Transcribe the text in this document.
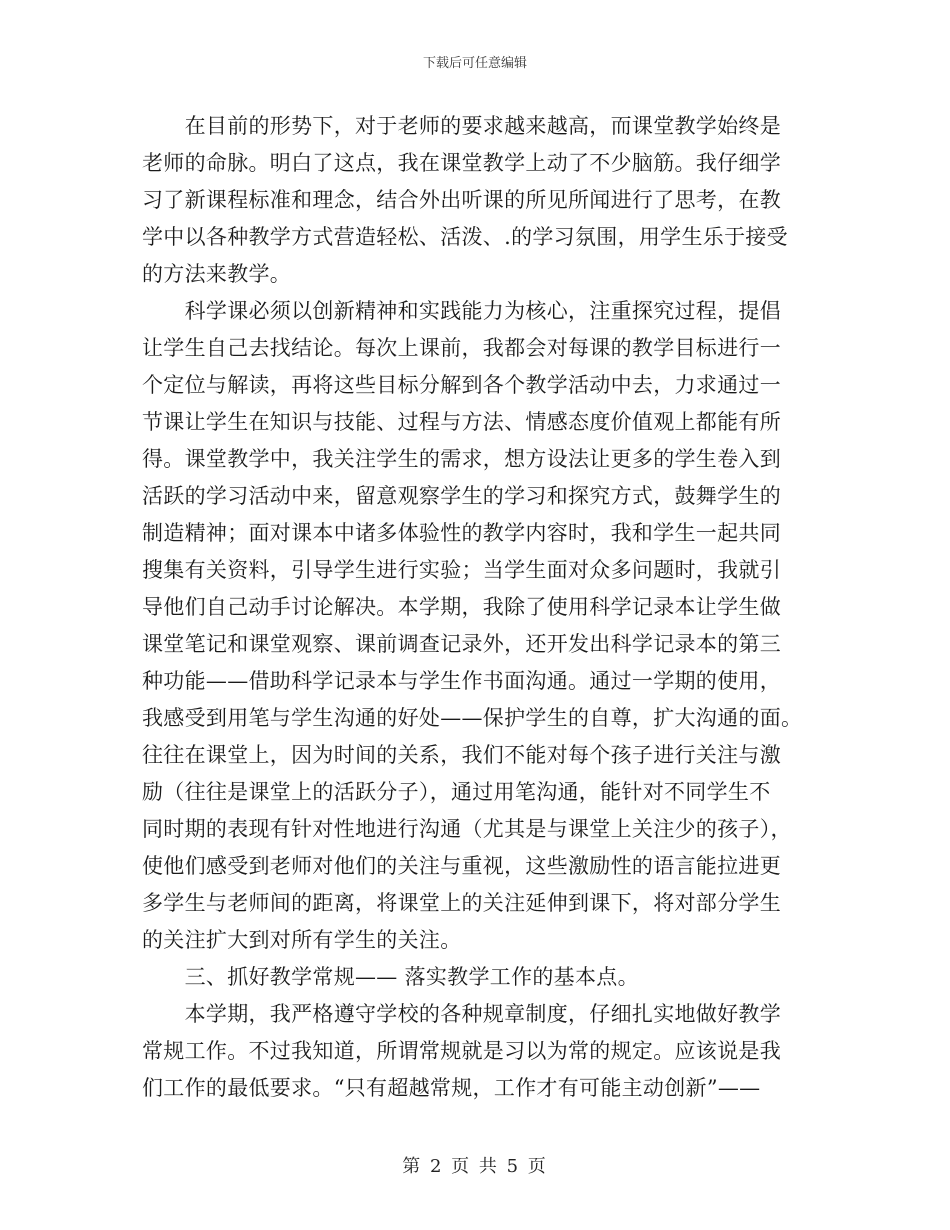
下载后可任意编辑
　　在目前的形势下，对于老师的要求越来越高，而课堂教学始终是
老师的命脉。明白了这点，我在课堂教学上动了不少脑筋。我仔细学
习了新课程标准和理念，结合外出听课的所见所闻进行了思考，在教
学中以各种教学方式营造轻松、活泼、.的学习氛围，用学生乐于接受
的方法来教学。
　　科学课必须以创新精神和实践能力为核心，注重探究过程，提倡
让学生自己去找结论。每次上课前，我都会对每课的教学目标进行一
个定位与解读，再将这些目标分解到各个教学活动中去，力求通过一
节课让学生在知识与技能、过程与方法、情感态度价值观上都能有所
得。课堂教学中，我关注学生的需求，想方设法让更多的学生卷入到
活跃的学习活动中来，留意观察学生的学习和探究方式，鼓舞学生的
制造精神；面对课本中诸多体验性的教学内容时，我和学生一起共同
搜集有关资料，引导学生进行实验；当学生面对众多问题时，我就引
导他们自己动手讨论解决。本学期，我除了使用科学记录本让学生做
课堂笔记和课堂观察、课前调查记录外，还开发出科学记录本的第三
种功能——借助科学记录本与学生作书面沟通。通过一学期的使用，
我感受到用笔与学生沟通的好处——保护学生的自尊，扩大沟通的面。
往往在课堂上，因为时间的关系，我们不能对每个孩子进行关注与激
励（往往是课堂上的活跃分子），通过用笔沟通，能针对不同学生不
同时期的表现有针对性地进行沟通（尤其是与课堂上关注少的孩子），
使他们感受到老师对他们的关注与重视，这些激励性的语言能拉进更
多学生与老师间的距离，将课堂上的关注延伸到课下，将对部分学生
的关注扩大到对所有学生的关注。
　　三、抓好教学常规—— 落实教学工作的基本点。
　　本学期，我严格遵守学校的各种规章制度，仔细扎实地做好教学
常规工作。不过我知道，所谓常规就是习以为常的规定。应该说是我
们工作的最低要求。“只有超越常规，工作才有可能主动创新”——
第 2 页 共 5 页
